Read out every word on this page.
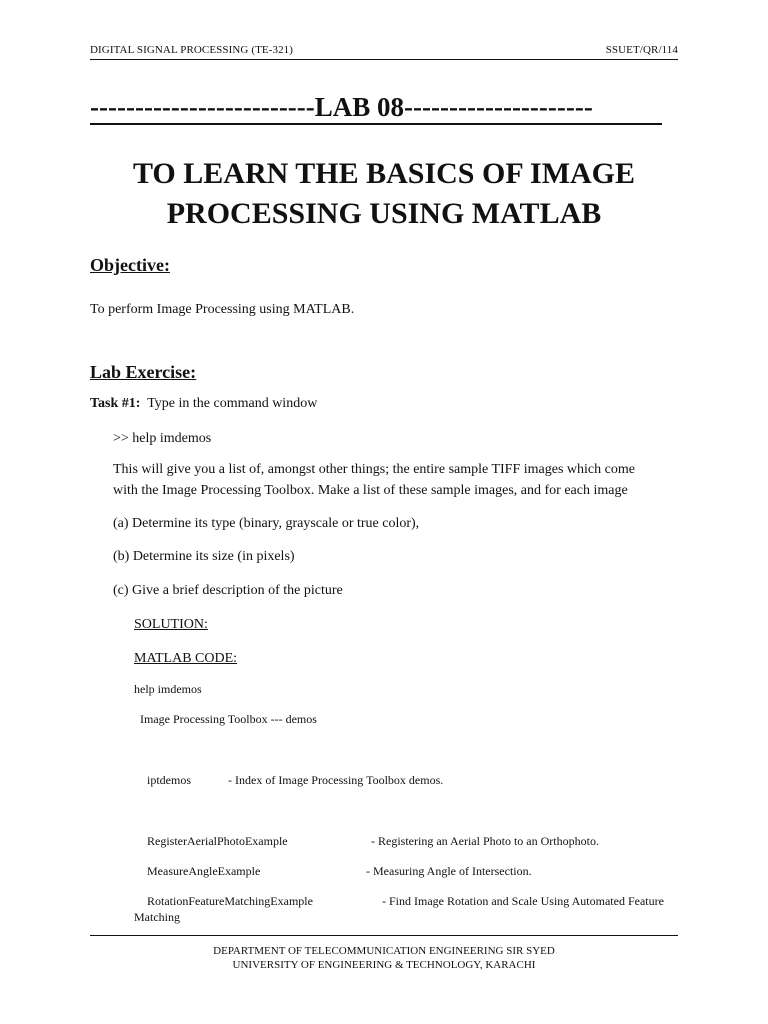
DIGITAL SIGNAL PROCESSING (TE-321)	SSUET/QR/114
-------------------------LAB 08---------------------
TO LEARN THE BASICS OF IMAGE
PROCESSING USING MATLAB
Objective:
To perform Image Processing using MATLAB.
Lab Exercise:
Task #1: Type in the command window
>> help imdemos
This will give you a list of, amongst other things; the entire sample TIFF images which come
with the Image Processing Toolbox. Make a list of these sample images, and for each image
(a) Determine its type (binary, grayscale or true color),
(b) Determine its size (in pixels)
(c) Give a brief description of the picture
SOLUTION:
MATLAB CODE:
help imdemos
Image Processing Toolbox --- demos
iptdemos	- Index of Image Processing Toolbox demos.
RegisterAerialPhotoExample	- Registering an Aerial Photo to an Orthophoto.
MeasureAngleExample	- Measuring Angle of Intersection.
RotationFeatureMatchingExample	- Find Image Rotation and Scale Using Automated Feature
Matching
DEPARTMENT OF TELECOMMUNICATION ENGINEERING SIR SYED
UNIVERSITY OF ENGINEERING & TECHNOLOGY, KARACHI
